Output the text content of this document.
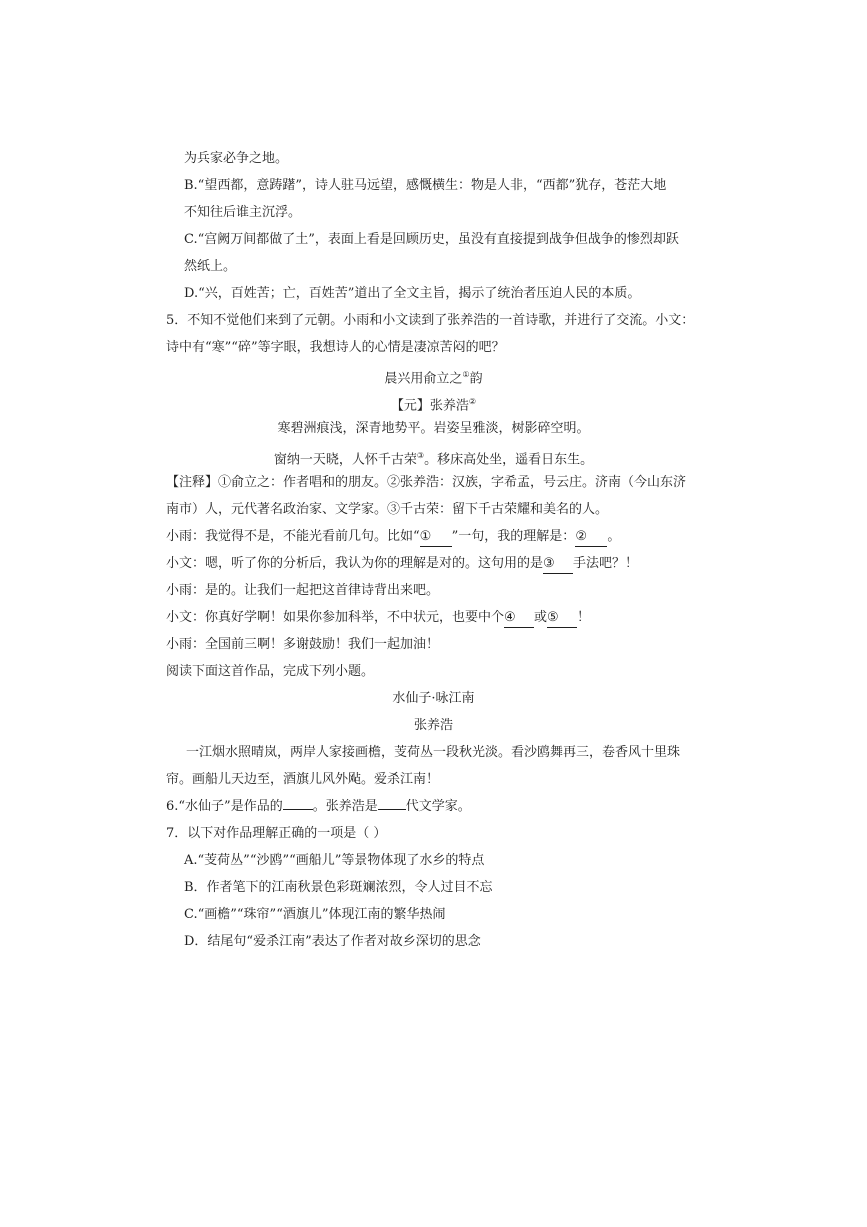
为兵家必争之地。
B.“望西都，意踌躇”，诗人驻马远望，感慨横生：物是人非，“西都”犹存，苍茫大地
不知往后谁主沉浮。
C.“宫阙万间都做了土”，表面上看是回顾历史，虽没有直接提到战争但战争的惨烈却跃
然纸上。
D.“兴，百姓苦；亡，百姓苦”道出了全文主旨，揭示了统治者压迫人民的本质。
5．不知不觉他们来到了元朝。小雨和小文读到了张养浩的一首诗歌，并进行了交流。小文：
诗中有“寒”“碎”等字眼，我想诗人的心情是凄凉苦闷的吧？
晨兴用俞立之①韵
【元】张养浩②
寒碧洲痕浅，深青地势平。岩姿呈雅淡，树影碎空明。
窗纳一天晓，人怀千古荣③。移床高处坐，遥看日东生。
【注释】①俞立之：作者唱和的朋友。②张养浩：汉族，字希孟，号云庄。济南（今山东济
南市）人，元代著名政治家、文学家。③千古荣：留下千古荣耀和美名的人。
小雨：我觉得不是，不能光看前几句。比如“① ”一句，我的理解是：② 。
小文：嗯，听了你的分析后，我认为你的理解是对的。这句用的是③ 手法吧？！
小雨：是的。让我们一起把这首律诗背出来吧。
小文：你真好学啊！如果你参加科举，不中状元，也要中个④ 或⑤ ！
小雨：全国前三啊！多谢鼓励！我们一起加油！
阅读下面这首作品，完成下列小题。
水仙子·咏江南
张养浩
一江烟水照晴岚，两岸人家接画檐，芰荷丛一段秋光淡。看沙鸥舞再三，卷香风十里珠
帘。画船儿天边至，酒旗儿风外飐。爱杀江南！
6.“水仙子”是作品的 。张养浩是 代文学家。
7．以下对作品理解正确的一项是（ ）
A.“芰荷丛”“沙鸥”“画船儿”等景物体现了水乡的特点
B．作者笔下的江南秋景色彩斑斓浓烈，令人过目不忘
C.“画檐”“珠帘”“酒旗儿”体现江南的繁华热闹
D．结尾句“爱杀江南”表达了作者对故乡深切的思念
